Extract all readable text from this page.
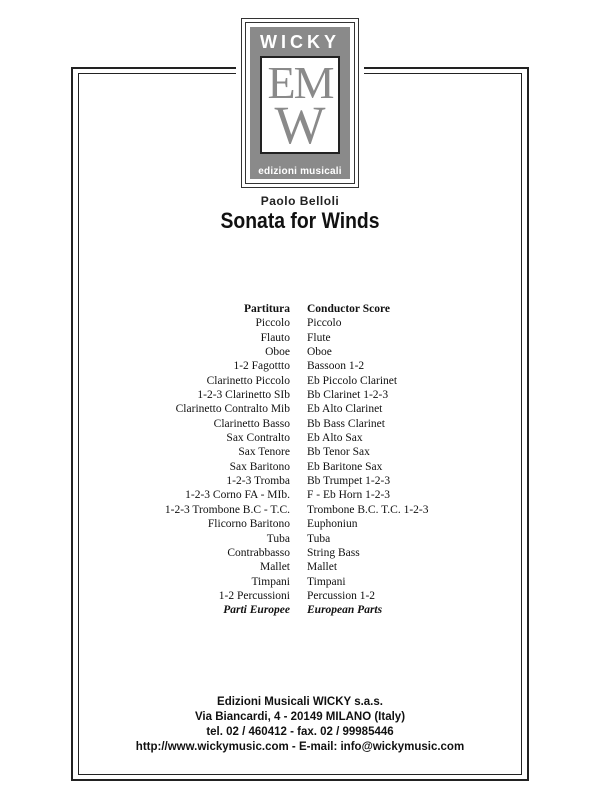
WICKY
EM
W
edizioni musicali
Paolo Belloli
Sonata for Winds
Partitura Conductor Score
Piccolo Piccolo
Flauto Flute
Oboe Oboe
1-2 Fagottto Bassoon 1-2
Clarinetto Piccolo Eb Piccolo Clarinet
1-2-3 Clarinetto SIb Bb Clarinet 1-2-3
Clarinetto Contralto Mib Eb Alto Clarinet
Clarinetto Basso Bb Bass Clarinet
Sax Contralto Eb Alto Sax
Sax Tenore Bb Tenor Sax
Sax Baritono Eb Baritone Sax
1-2-3 Tromba Bb Trumpet 1-2-3
1-2-3 Corno FA - MIb. F - Eb Horn 1-2-3
1-2-3 Trombone B.C - T.C. Trombone B.C. T.C. 1-2-3
Flicorno Baritono Euphoniun
Tuba Tuba
Contrabbasso String Bass
Mallet Mallet
Timpani Timpani
1-2 Percussioni Percussion 1-2
Parti Europee European Parts
Edizioni Musicali WICKY s.a.s.
Via Biancardi, 4 - 20149 MILANO (Italy)
tel. 02 / 460412 - fax. 02 / 99985446
http://www.wickymusic.com - E-mail: info@wickymusic.com
